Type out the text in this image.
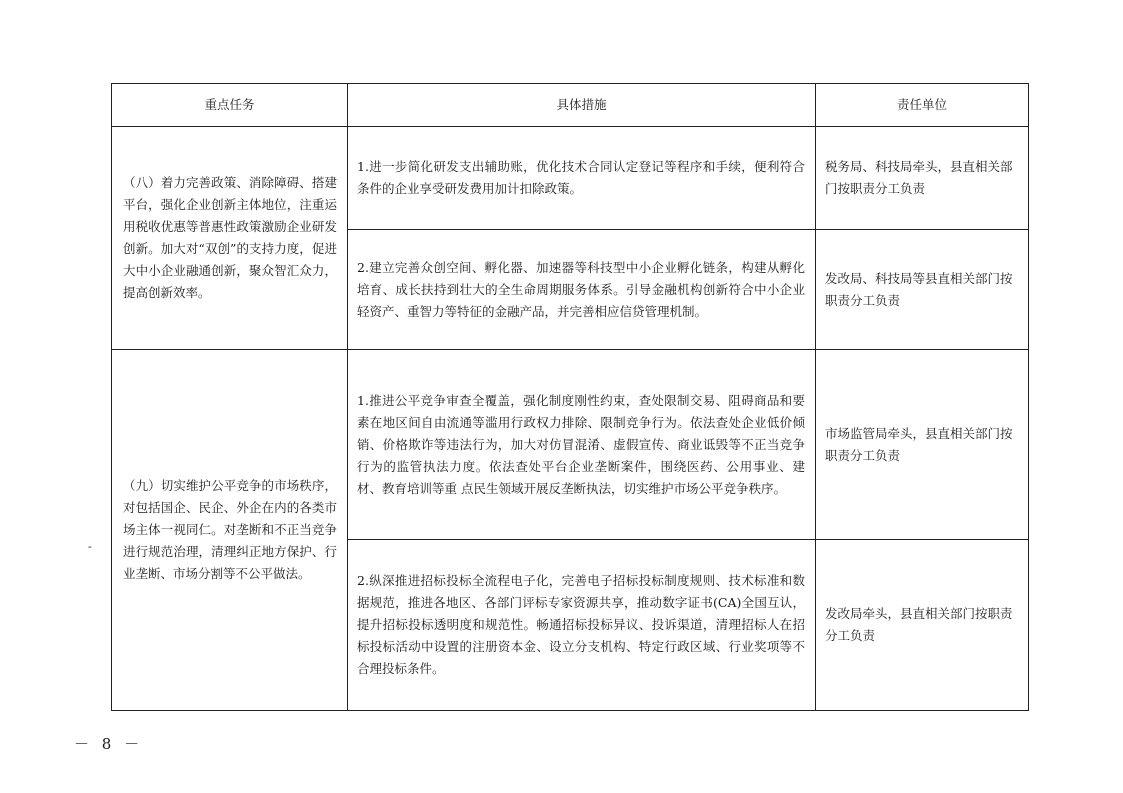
重点任务	具体措施	责任单位

（八）着力完善政策、消除障碍、搭建平台，强化企业创新主体地位，注重运用税收优惠等普惠性政策激励企业研发创新。加大对“双创”的支持力度，促进大中小企业融通创新，聚众智汇众力，提高创新效率。	1.进一步简化研发支出辅助账，优化技术合同认定登记等程序和手续，便利符合条件的企业享受研发费用加计扣除政策。	税务局、科技局牵头，县直相关部门按职责分工负责

	2.建立完善众创空间、孵化器、加速器等科技型中小企业孵化链条，构建从孵化培育、成长扶持到壮大的全生命周期服务体系。引导金融机构创新符合中小企业轻资产、重智力等特征的金融产品，并完善相应信贷管理机制。	发改局、科技局等县直相关部门按职责分工负责

（九）切实维护公平竞争的市场秩序，对包括国企、民企、外企在内的各类市场主体一视同仁。对垄断和不正当竞争进行规范治理，清理纠正地方保护、行业垄断、市场分割等不公平做法。	1.推进公平竞争审查全覆盖，强化制度刚性约束，查处限制交易、阻碍商品和要素在地区间自由流通等滥用行政权力排除、限制竞争行为。依法查处企业低价倾销、价格欺诈等违法行为，加大对仿冒混淆、虚假宣传、商业诋毁等不正当竞争行为的监管执法力度。依法查处平台企业垄断案件，围绕医药、公用事业、建材、教育培训等重 点民生领域开展反垄断执法，切实维护市场公平竞争秩序。	市场监管局牵头，县直相关部门按职责分工负责

	2.纵深推进招标投标全流程电子化，完善电子招标投标制度规则、技术标准和数据规范，推进各地区、各部门评标专家资源共享，推动数字证书(CA)全国互认，提升招标投标透明度和规范性。畅通招标投标异议、投诉渠道，清理招标人在招标投标活动中设置的注册资本金、设立分支机构、特定行政区域、行业奖项等不合理投标条件。	发改局牵头，县直相关部门按职责分工负责
-
－ 8 －
